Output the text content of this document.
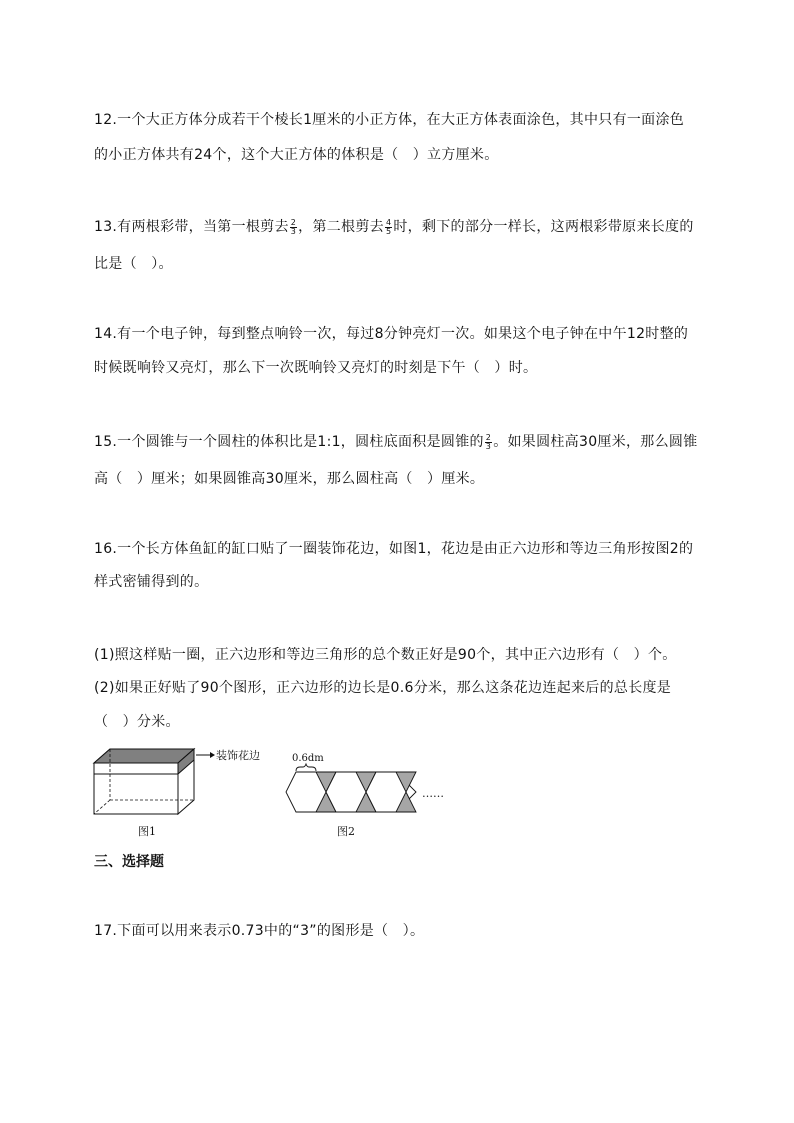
12.一个大正方体分成若干个棱长1厘米的小正方体，在大正方体表面涂色，其中只有一面涂色
的小正方体共有24个，这个大正方体的体积是（　）立方厘米。
13.有两根彩带，当第一根剪去 $\frac{2}{3}$ ，第二根剪去 $\frac{4}{5}$ 时，剩下的部分一样长，这两根彩带原来长度的
比是（　）。
14.有一个电子钟，每到整点响铃一次，每过8分钟亮灯一次。如果这个电子钟在中午12时整的
时候既响铃又亮灯，那么下一次既响铃又亮灯的时刻是下午（　）时。
15.一个圆锥与一个圆柱的体积比是1:1，圆柱底面积是圆锥的 $\frac{2}{3}$ 。如果圆柱高30厘米，那么圆锥
高（　）厘米；如果圆锥高30厘米，那么圆柱高（　）厘米。
16.一个长方体鱼缸的缸口贴了一圈装饰花边，如图1，花边是由正六边形和等边三角形按图2的
样式密铺得到的。
(1)照这样贴一圈，正六边形和等边三角形的总个数正好是90个，其中正六边形有（　）个。
(2)如果正好贴了90个图形，正六边形的边长是0.6分米，那么这条花边连起来后的总长度是
（　）分米。
装饰花边
图1
0.6dm
……
图2
三、选择题
17.下面可以用来表示0.73中的“3”的图形是（　）。
